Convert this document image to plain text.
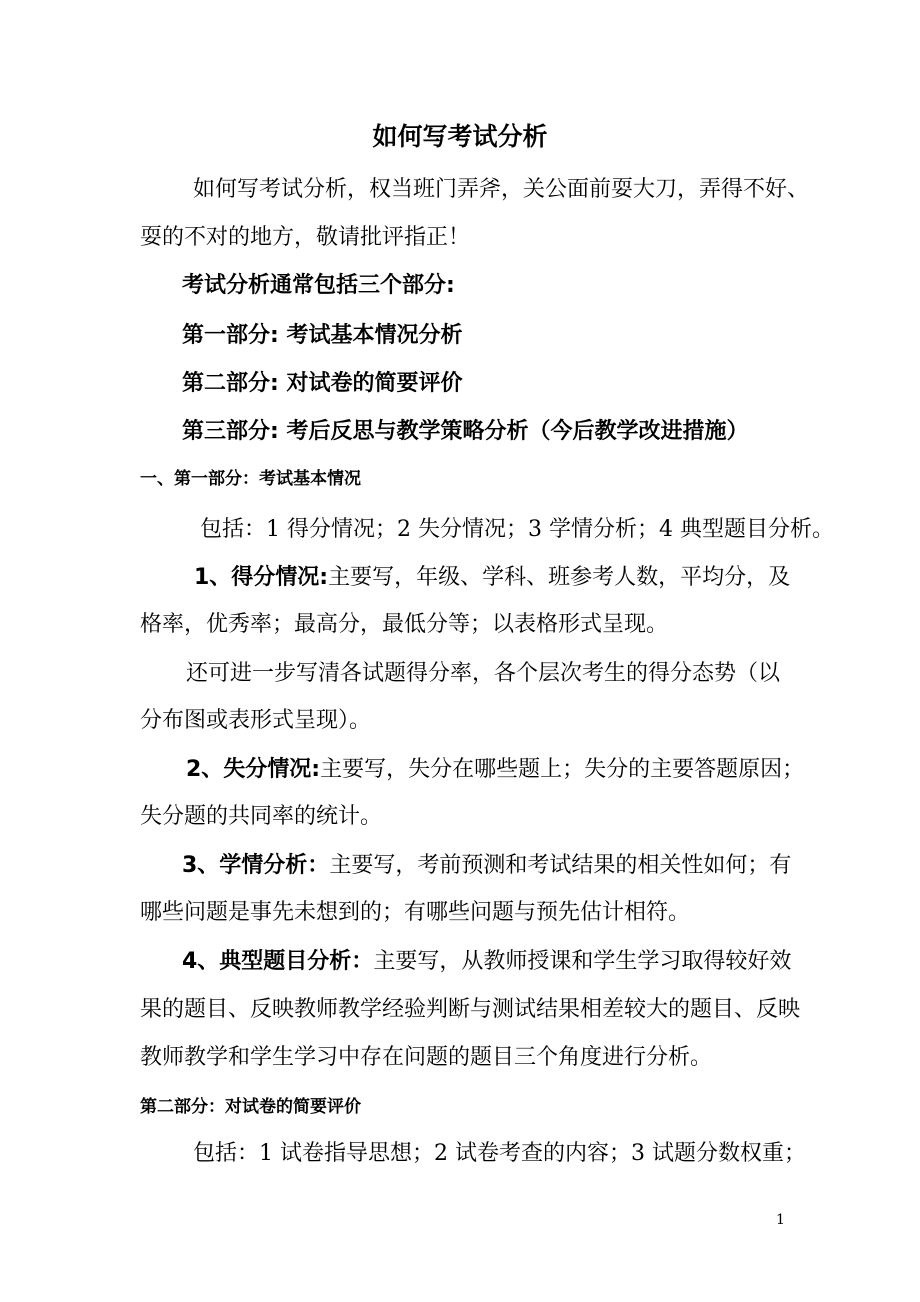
如何写考试分析

如何写考试分析，权当班门弄斧，关公面前耍大刀，弄得不好、

耍的不对的地方，敬请批评指正！

考试分析通常包括三个部分:

第一部分: 考试基本情况分析

第二部分: 对试卷的简要评价

第三部分: 考后反思与教学策略分析（今后教学改进措施）

一、第一部分：考试基本情况

包括：1 得分情况；2 失分情况；3 学情分析；4 典型题目分析。

1、得分情况:主要写，年级、学科、班参考人数，平均分，及

格率，优秀率；最高分，最低分等；以表格形式呈现。

还可进一步写清各试题得分率，各个层次考生的得分态势（以

分布图或表形式呈现）。

2、失分情况:主要写，失分在哪些题上；失分的主要答题原因；

失分题的共同率的统计。

3、学情分析：主要写，考前预测和考试结果的相关性如何；有

哪些问题是事先未想到的；有哪些问题与预先估计相符。

4、典型题目分析：主要写，从教师授课和学生学习取得较好效

果的题目、反映教师教学经验判断与测试结果相差较大的题目、反映

教师教学和学生学习中存在问题的题目三个角度进行分析。

第二部分：对试卷的简要评价

包括：1 试卷指导思想；2 试卷考查的内容；3 试题分数权重；

1
